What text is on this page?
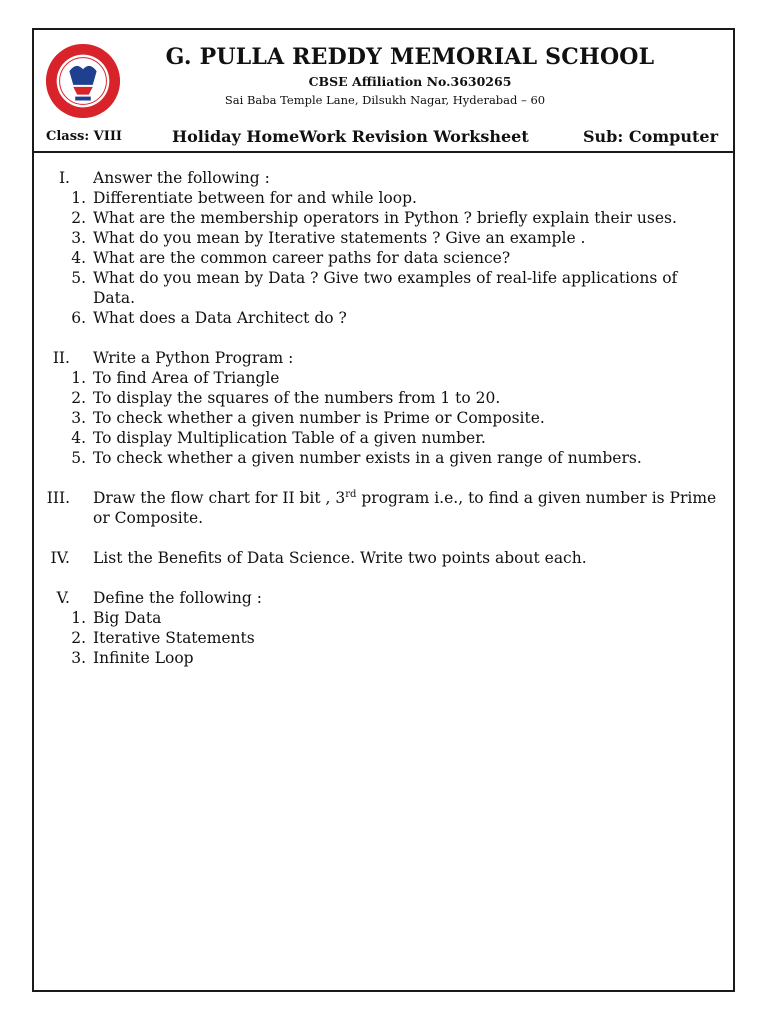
G. PULLA REDDY MEMORIAL SCHOOL
CBSE Affiliation No.3630265
Sai Baba Temple Lane, Dilsukh Nagar, Hyderabad – 60
Class: VIII	Holiday HomeWork Revision Worksheet	Sub: Computer
I. Answer the following :
1. Differentiate between for and while loop.
2. What are the membership operators in Python ? briefly explain their uses.
3. What do you mean by Iterative statements ? Give an example .
4. What are the common career paths for data science?
5. What do you mean by Data ? Give two examples of real-life applications of Data.
6. What does a Data Architect do ?
II. Write a Python Program :
1. To find Area of Triangle
2. To display the squares of the numbers from 1 to 20.
3. To check whether a given number is Prime or Composite.
4. To display Multiplication Table of a given number.
5. To check whether a given number exists in a given range of numbers.
III. Draw the flow chart for II bit , 3rd program i.e., to find a given number is Prime or Composite.
IV. List the Benefits of Data Science. Write two points about each.
V. Define the following :
1. Big Data
2. Iterative Statements
3. Infinite Loop
